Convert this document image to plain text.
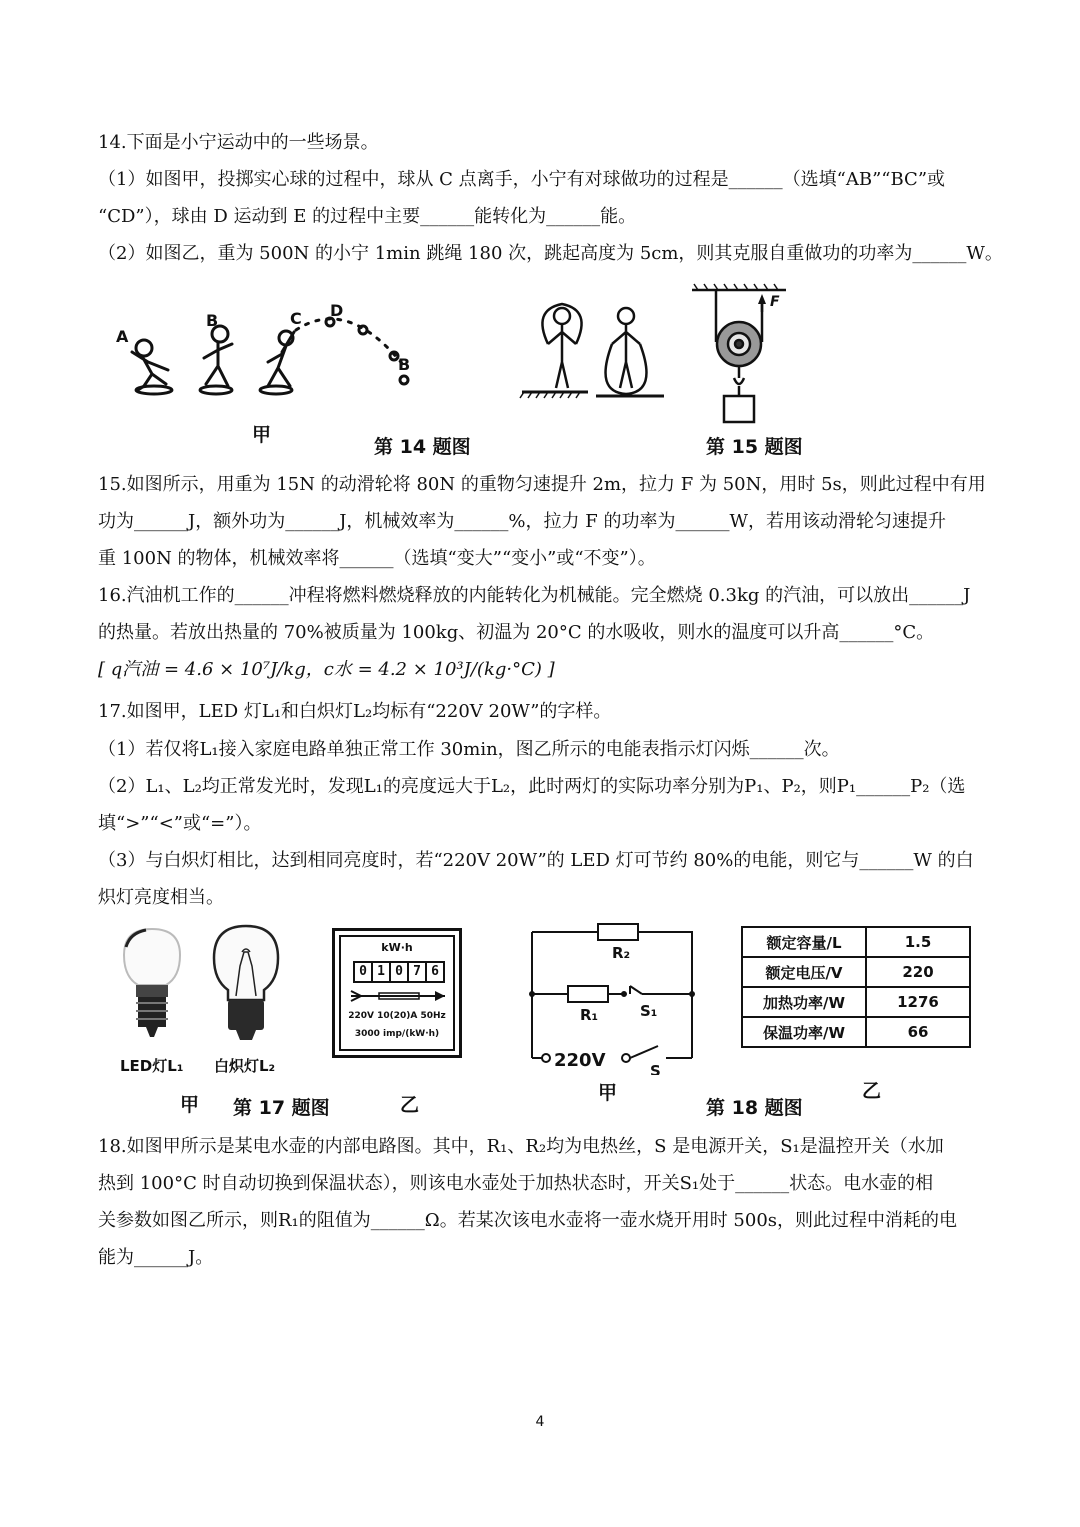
14.下面是小宁运动中的一些场景。
（1）如图甲，投掷实心球的过程中，球从 C 点离手，小宁有对球做功的过程是______（选填“AB”“BC”或
“CD”），球由 D 运动到 E 的过程中主要______能转化为______能。
（2）如图乙，重为 500N 的小宁 1min 跳绳 180 次，跳起高度为 5cm，则其克服自重做功的功率为______W。
A
B	C D
B
甲
第 14 题图
F
第 15 题图
15.如图所示，用重为 15N 的动滑轮将 80N 的重物匀速提升 2m，拉力 F 为 50N，用时 5s，则此过程中有用
功为______J，额外功为______J，机械效率为______%，拉力 F 的功率为______W，若用该动滑轮匀速提升
重 100N 的物体，机械效率将______（选填“变大”“变小”或“不变”）。
16.汽油机工作的______冲程将燃料燃烧释放的内能转化为机械能。完全燃烧 0.3kg 的汽油，可以放出______J
的热量。若放出热量的 70%被质量为 100kg、初温为 20°C 的水吸收，则水的温度可以升高______°C。
[ q汽油 = 4.6 × 10⁷J/kg，c水 = 4.2 × 10³J/(kg·°C) ]
17.如图甲，LED 灯L₁和白炽灯L₂均标有“220V 20W”的字样。
（1）若仅将L₁接入家庭电路单独正常工作 30min，图乙所示的电能表指示灯闪烁______次。
（2）L₁、L₂均正常发光时，发现L₁的亮度远大于L₂，此时两灯的实际功率分别为P₁、P₂，则P₁______P₂（选
填“>”“<”或“=”）。
（3）与白炽灯相比，达到相同亮度时，若“220V 20W”的 LED 灯可节约 80%的电能，则它与______W 的白
炽灯亮度相当。
LED灯L₁ 白炽灯L₂
kW·h
0 1 0 7 6
220V 10(20)A 50Hz
3000 imp/(kW·h)
甲 第 17 题图	乙
R₂
R₁	S₁
220V	S
额定容量/L	1.5
额定电压/V	220
加热功率/W	1276
保温功率/W	66
甲
第 18 题图
乙
18.如图甲所示是某电水壶的内部电路图。其中，R₁、R₂均为电热丝，S 是电源开关，S₁是温控开关（水加
热到 100°C 时自动切换到保温状态），则该电水壶处于加热状态时，开关S₁处于______状态。电水壶的相
关参数如图乙所示，则R₁的阻值为______Ω。若某次该电水壶将一壶水烧开用时 500s，则此过程中消耗的电
能为______J。
4
